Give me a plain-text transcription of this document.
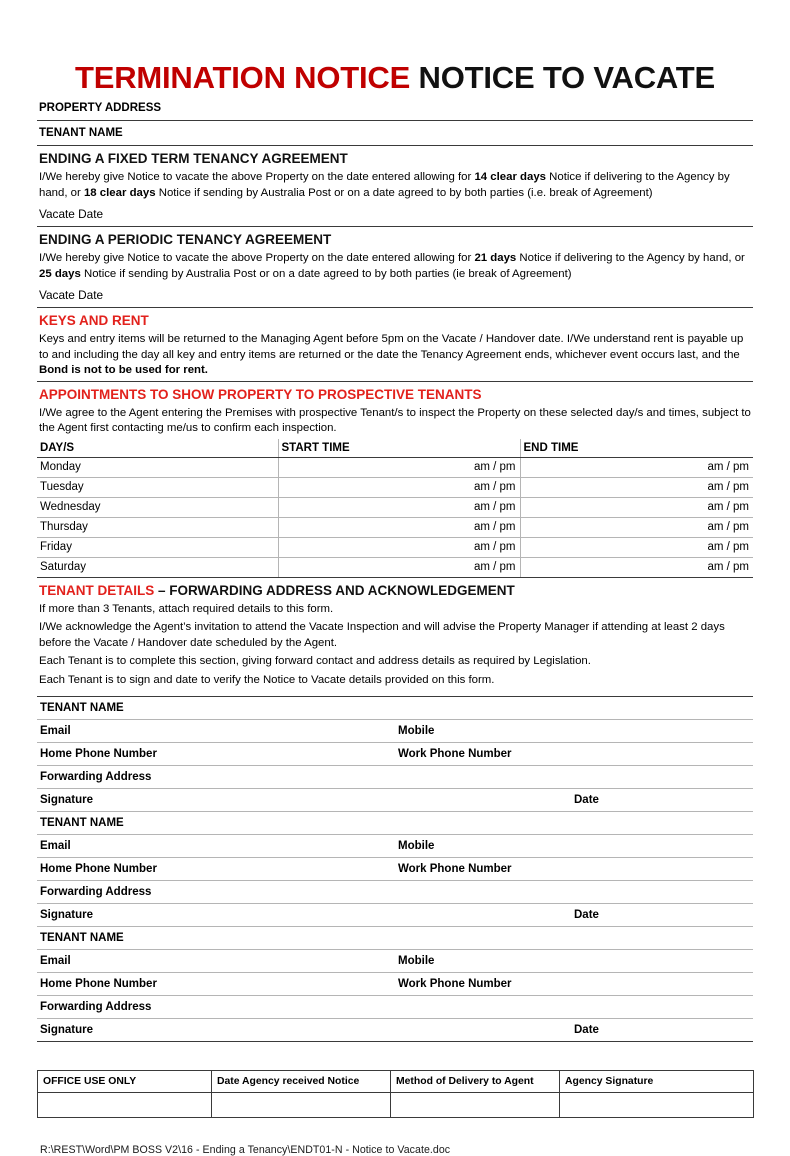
TERMINATION NOTICE NOTICE TO VACATE
PROPERTY ADDRESS
TENANT NAME
ENDING A FIXED TERM TENANCY AGREEMENT
I/We hereby give Notice to vacate the above Property on the date entered allowing for 14 clear days Notice if delivering to the Agency by hand, or 18 clear days Notice if sending by Australia Post or on a date agreed to by both parties (i.e. break of Agreement)
Vacate Date
ENDING A PERIODIC TENANCY AGREEMENT
I/We hereby give Notice to vacate the above Property on the date entered allowing for 21 days Notice if delivering to the Agency by hand, or 25 days Notice if sending by Australia Post or on a date agreed to by both parties (ie break of Agreement)
Vacate Date
KEYS AND RENT
Keys and entry items will be returned to the Managing Agent before 5pm on the Vacate / Handover date. I/We understand rent is payable up to and including the day all key and entry items are returned or the date the Tenancy Agreement ends, whichever event occurs last, and the Bond is not to be used for rent.
APPOINTMENTS TO SHOW PROPERTY TO PROSPECTIVE TENANTS
I/We agree to the Agent entering the Premises with prospective Tenant/s to inspect the Property on these selected day/s and times, subject to the Agent first contacting me/us to confirm each inspection.
DAY/S	START TIME	END TIME
Monday	am / pm	am / pm
Tuesday	am / pm	am / pm
Wednesday	am / pm	am / pm
Thursday	am / pm	am / pm
Friday	am / pm	am / pm
Saturday	am / pm	am / pm
TENANT DETAILS – FORWARDING ADDRESS AND ACKNOWLEDGEMENT
If more than 3 Tenants, attach required details to this form.
I/We acknowledge the Agent’s invitation to attend the Vacate Inspection and will advise the Property Manager if attending at least 2 days before the Vacate / Handover date scheduled by the Agent.
Each Tenant is to complete this section, giving forward contact and address details as required by Legislation.
Each Tenant is to sign and date to verify the Notice to Vacate details provided on this form.
TENANT NAME
Email	Mobile
Home Phone Number	Work Phone Number
Forwarding Address
Signature	Date
TENANT NAME
Email	Mobile
Home Phone Number	Work Phone Number
Forwarding Address
Signature	Date
TENANT NAME
Email	Mobile
Home Phone Number	Work Phone Number
Forwarding Address
Signature	Date
OFFICE USE ONLY	Date Agency received Notice	Method of Delivery to Agent	Agency Signature

R:\REST\Word\PM BOSS V2\16 - Ending a Tenancy\ENDT01-N - Notice to Vacate.doc
